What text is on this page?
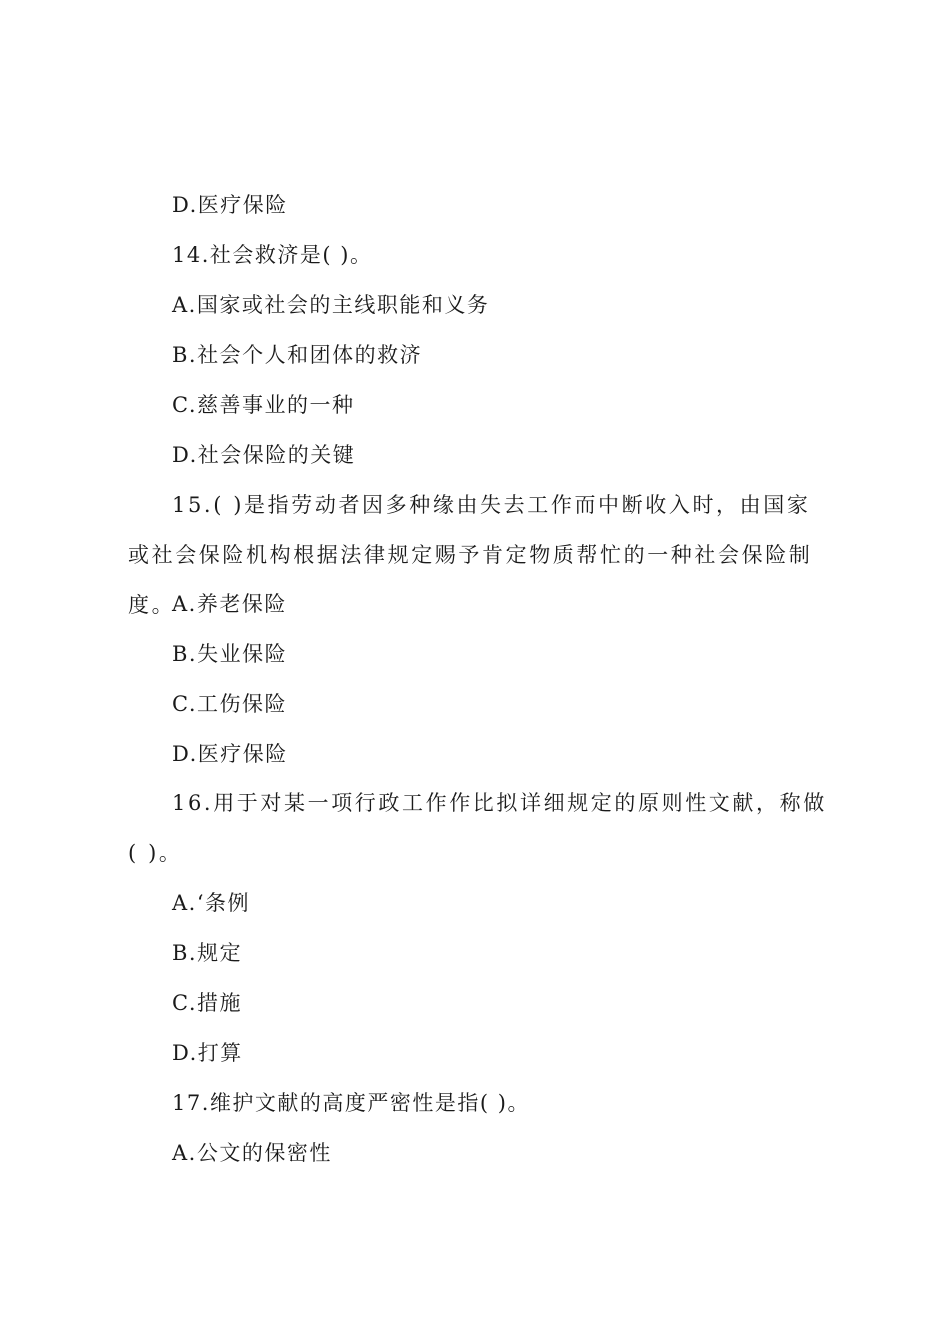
D.医疗保险
14.社会救济是( )。
A.国家或社会的主线职能和义务
B.社会个人和团体的救济
C.慈善事业的一种
D.社会保险的关键
15.( )是指劳动者因多种缘由失去工作而中断收入时，由国家或社会保险机构根据法律规定赐予肯定物质帮忙的一种社会保险制度。
A.养老保险
B.失业保险
C.工伤保险
D.医疗保险
16.用于对某一项行政工作作比拟详细规定的原则性文献，称做( )。
A.‘条例
B.规定
C.措施
D.打算
17.维护文献的高度严密性是指( )。
A.公文的保密性
